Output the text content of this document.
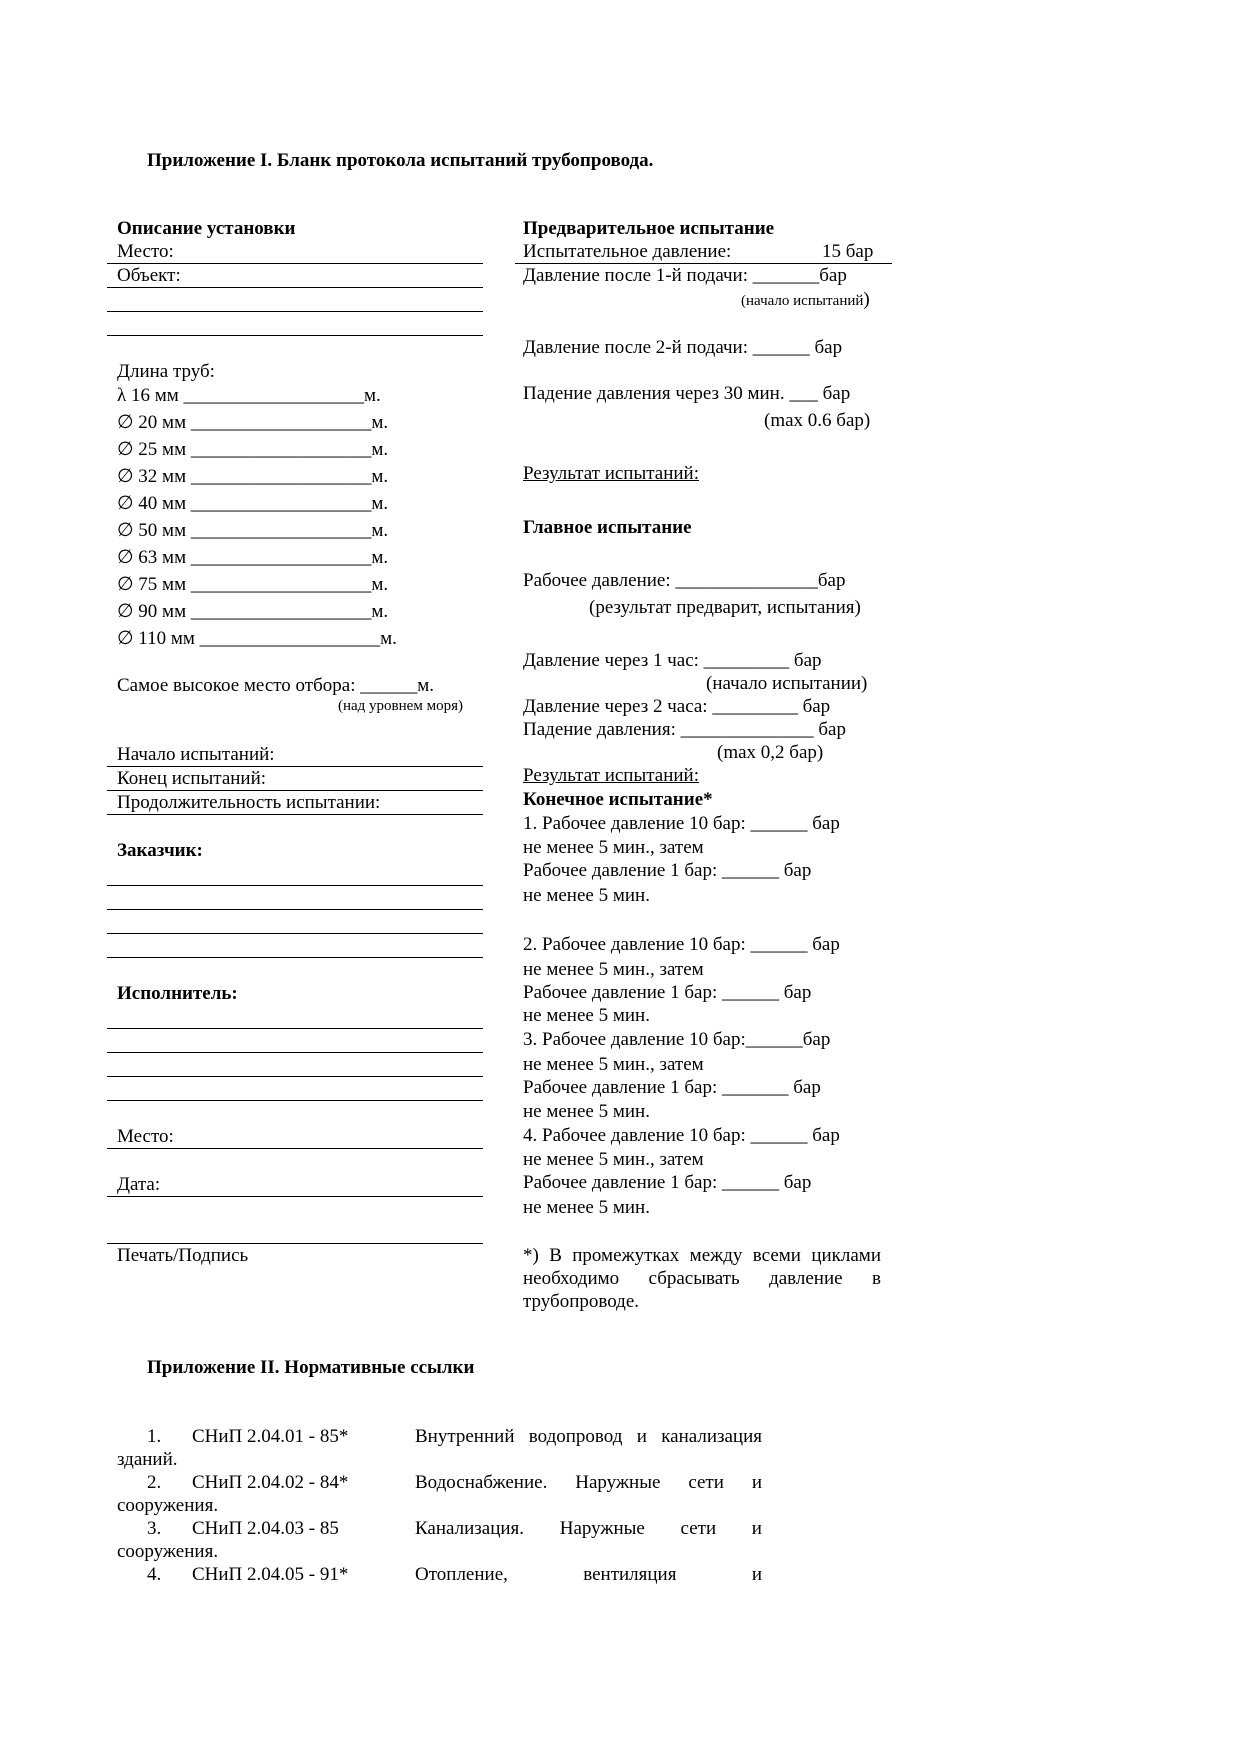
Приложение I. Бланк протокола испытаний трубопровода.
Описание установки
Место:
Объект:
Длина труб:
λ 16 мм ___________________м.
∅ 20 мм ___________________м.
∅ 25 мм ___________________м.
∅ 32 мм ___________________м.
∅ 40 мм ___________________м.
∅ 50 мм ___________________м.
∅ 63 мм ___________________м.
∅ 75 мм ___________________м.
∅ 90 мм ___________________м.
∅ 110 мм ___________________м.
Самое высокое место отбора: ______м.
(над уровнем моря)
Начало испытаний:
Конец испытаний:
Продолжительность испытании:
Заказчик:
Исполнитель:
Место:
Дата:
Печать/Подпись
Предварительное испытание
Испытательное давление:	15 бар
Давление после 1-й подачи: _______бар
(начало испытаний)
Давление после 2-й подачи: ______ бар
Падение давления через 30 мин. ___ бар
(max 0.6 бар)
Результат испытаний:
Главное испытание
Рабочее давление: _______________бар
(результат предварит, испытания)
Давление через 1 час: _________ бар
(начало испытании)
Давление через 2 часа: _________ бар
Падение давления: ______________ бар
(max 0,2 бар)
Результат испытаний:
Конечное испытание*
1. Рабочее давление 10 бар: ______ бар
не менее 5 мин., затем
Рабочее давление 1 бар: ______ бар
не менее 5 мин.
2. Рабочее давление 10 бар: ______ бар
не менее 5 мин., затем
Рабочее давление 1 бар: ______ бар
не менее 5 мин.
3. Рабочее давление 10 бар:______бар
не менее 5 мин., затем
Рабочее давление 1 бар: _______ бар
не менее 5 мин.
4. Рабочее давление 10 бар: ______ бар
не менее 5 мин., затем
Рабочее давление 1 бар: ______ бар
не менее 5 мин.
*) В промежутках между всеми циклами
необходимо сбрасывать давление в
трубопроводе.
Приложение II. Нормативные ссылки
1. СНиП 2.04.01 - 85*	Внутренний водопровод и канализация
зданий.
2. СНиП 2.04.02 - 84*	Водоснабжение. Наружные сети и
сооружения.
3. СНиП 2.04.03 - 85	Канализация. Наружные сети и
сооружения.
4. СНиП 2.04.05 - 91*	Отопление,	вентиляция	и
